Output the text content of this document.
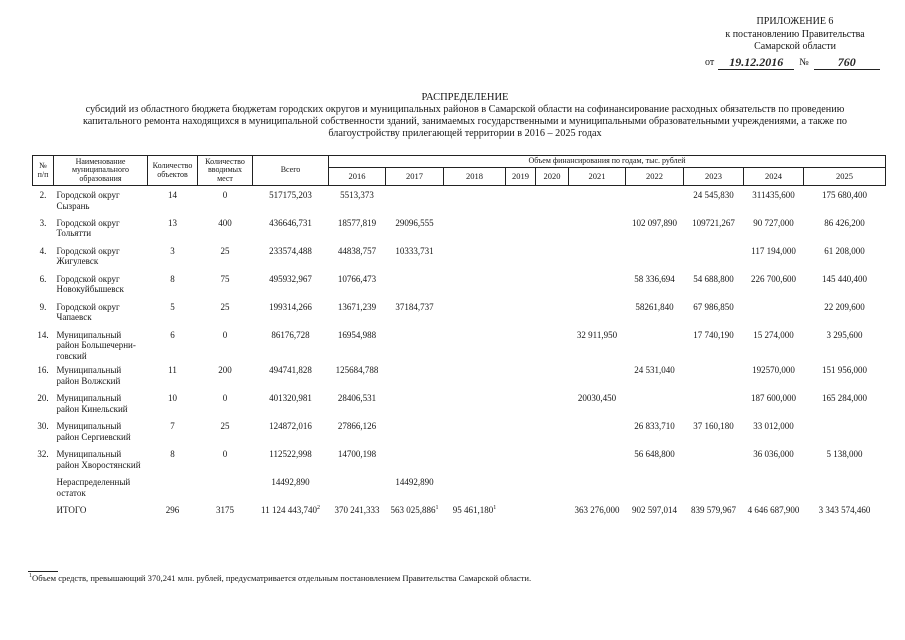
ПРИЛОЖЕНИЕ 6
к постановлению Правительства
Самарской области
от	19.12.2016	№	760
РАСПРЕДЕЛЕНИЕ
субсидий из областного бюджета бюджетам городских округов и муниципальных районов в Самарской области на софинансирование расходных обязательств по проведению
капитального ремонта находящихся в муниципальной собственности зданий, занимаемых государственными и муниципальными образовательными учреждениями, а также по
благоустройству прилегающей территории в 2016 – 2025 годах
№
п/п	Наименование
муниципального
образования	Количество
объектов	Количество
вводимых
мест	Всего	Объем финансирования по годам, тыс. рублей									
					2016	2017	2018	2019	2020	2021	2022	2023	2024	2025
2.	Городской округ
Сызрань	14	0	517175,203	5513,373							24 545,830	311435,600	175 680,400
3.	Городской округ
Тольятти	13	400	436646,731	18577,819	29096,555					102 097,890	109721,267	90 727,000	86 426,200
4.	Городской округ
Жигулевск	3	25	233574,488	44838,757	10333,731							117 194,000	61 208,000
6.	Городской округ
Новокуйбышевск	8	75	495932,967	10766,473						58 336,694	54 688,800	226 700,600	145 440,400
9.	Городской округ
Чапаевск	5	25	199314,266	13671,239	37184,737					58261,840	67 986,850		22 209,600
14.	Муниципальный
район Большечерни-
говский	6	0	86176,728	16954,988					32 911,950		17 740,190	15 274,000	3 295,600
16.	Муниципальный
район Волжский	11	200	494741,828	125684,788						24 531,040		192570,000	151 956,000
20.	Муниципальный
район Кинельский	10	0	401320,981	28406,531					20030,450			187 600,000	165 284,000
30.	Муниципальный
район Сергиевский	7	25	124872,016	27866,126						26 833,710	37 160,180	33 012,000	
32.	Муниципальный
район Хворостянский	8	0	112522,998	14700,198						56 648,800		36 036,000	5 138,000
	Нераспределенный
остаток			14492,890		14492,890								
	ИТОГО	296	3175	11 124 443,740$^2$	370 241,333	563 025,886$^1$	95 461,180$^1$			363 276,000	902 597,014	839 579,967	4 646 687,900	3 343 574,460
$^1$Объем средств, превышающий 370,241 млн. рублей, предусматривается отдельным постановлением Правительства Самарской области.
